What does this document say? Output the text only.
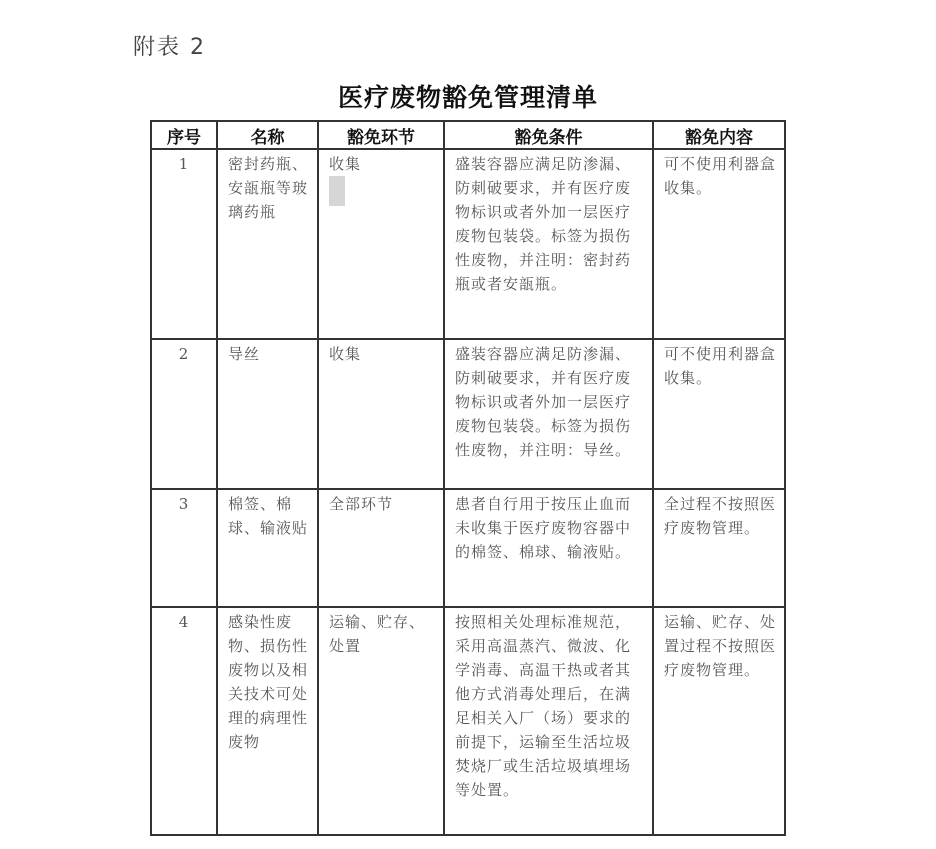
附表 2
医疗废物豁免管理清单
序号	名称	豁免环节	豁免条件	豁免内容
1	密封药瓶、安瓿瓶等玻璃药瓶	收集	盛装容器应满足防渗漏、防刺破要求，并有医疗废物标识或者外加一层医疗废物包装袋。标签为损伤性废物，并注明：密封药瓶或者安瓿瓶。	可不使用利器盒收集。
2	导丝	收集	盛装容器应满足防渗漏、防刺破要求，并有医疗废物标识或者外加一层医疗废物包装袋。标签为损伤性废物，并注明：导丝。	可不使用利器盒收集。
3	棉签、棉球、输液贴	全部环节	患者自行用于按压止血而未收集于医疗废物容器中的棉签、棉球、输液贴。	全过程不按照医疗废物管理。
4	感染性废物、损伤性废物以及相关技术可处理的病理性废物	运输、贮存、处置	按照相关处理标准规范，采用高温蒸汽、微波、化学消毒、高温干热或者其他方式消毒处理后，在满足相关入厂（场）要求的前提下，运输至生活垃圾焚烧厂或生活垃圾填埋场等处置。	运输、贮存、处置过程不按照医疗废物管理。
